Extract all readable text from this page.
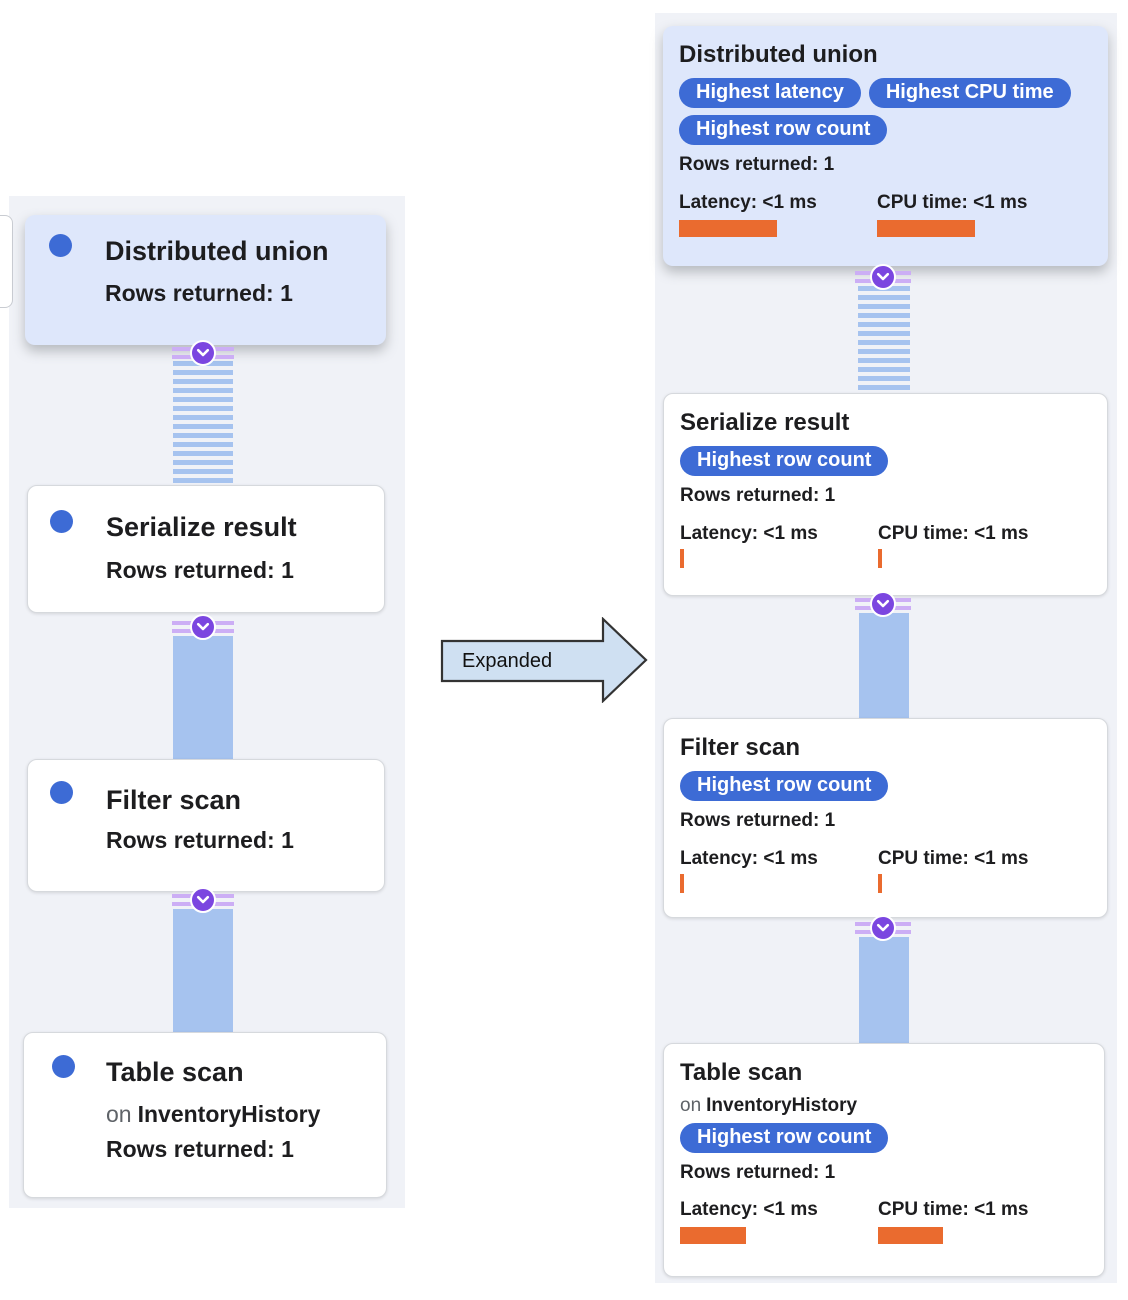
Distributed union
Rows returned: 1
Serialize result
Rows returned: 1
Filter scan
Rows returned: 1
Table scan
on InventoryHistory
Rows returned: 1
Expanded
Distributed union
Highest latency	Highest CPU time
Highest row count
Rows returned: 1
Latency: <1 ms	CPU time: <1 ms
Serialize result
Highest row count
Rows returned: 1
Latency: <1 ms	CPU time: <1 ms
Filter scan
Highest row count
Rows returned: 1
Latency: <1 ms	CPU time: <1 ms
Table scan
on InventoryHistory
Highest row count
Rows returned: 1
Latency: <1 ms	CPU time: <1 ms
